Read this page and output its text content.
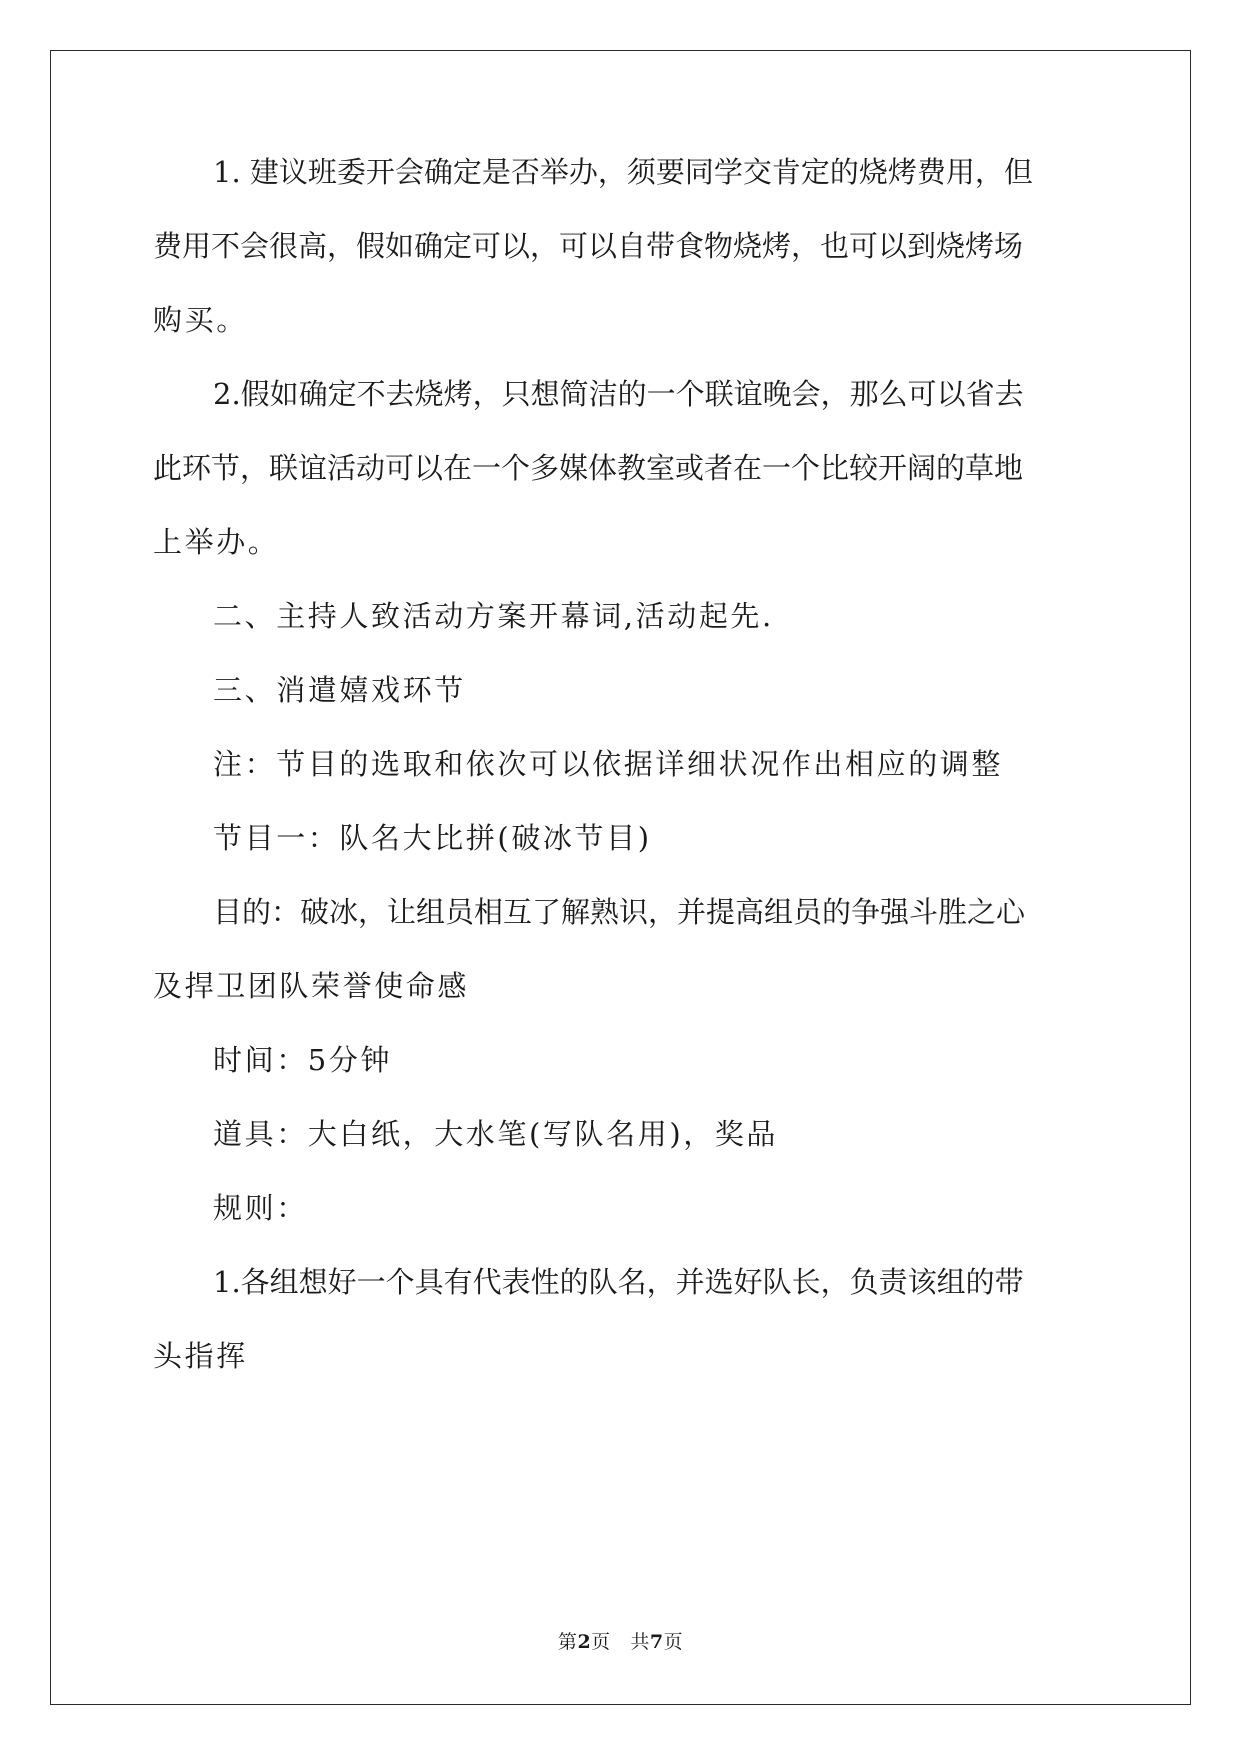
1. 建议班委开会确定是否举办，须要同学交肯定的烧烤费用，但
费用不会很高，假如确定可以，可以自带食物烧烤，也可以到烧烤场
购买。
2.假如确定不去烧烤，只想简洁的一个联谊晚会，那么可以省去
此环节，联谊活动可以在一个多媒体教室或者在一个比较开阔的草地
上举办。
二、主持人致活动方案开幕词,活动起先.
三、消遣嬉戏环节
注：节目的选取和依次可以依据详细状况作出相应的调整
节目一：队名大比拼(破冰节目)
目的：破冰，让组员相互了解熟识，并提高组员的争强斗胜之心
及捍卫团队荣誉使命感
时间：5分钟
道具：大白纸，大水笔(写队名用)，奖品
规则：
1.各组想好一个具有代表性的队名，并选好队长，负责该组的带
头指挥
第2页 共7页
